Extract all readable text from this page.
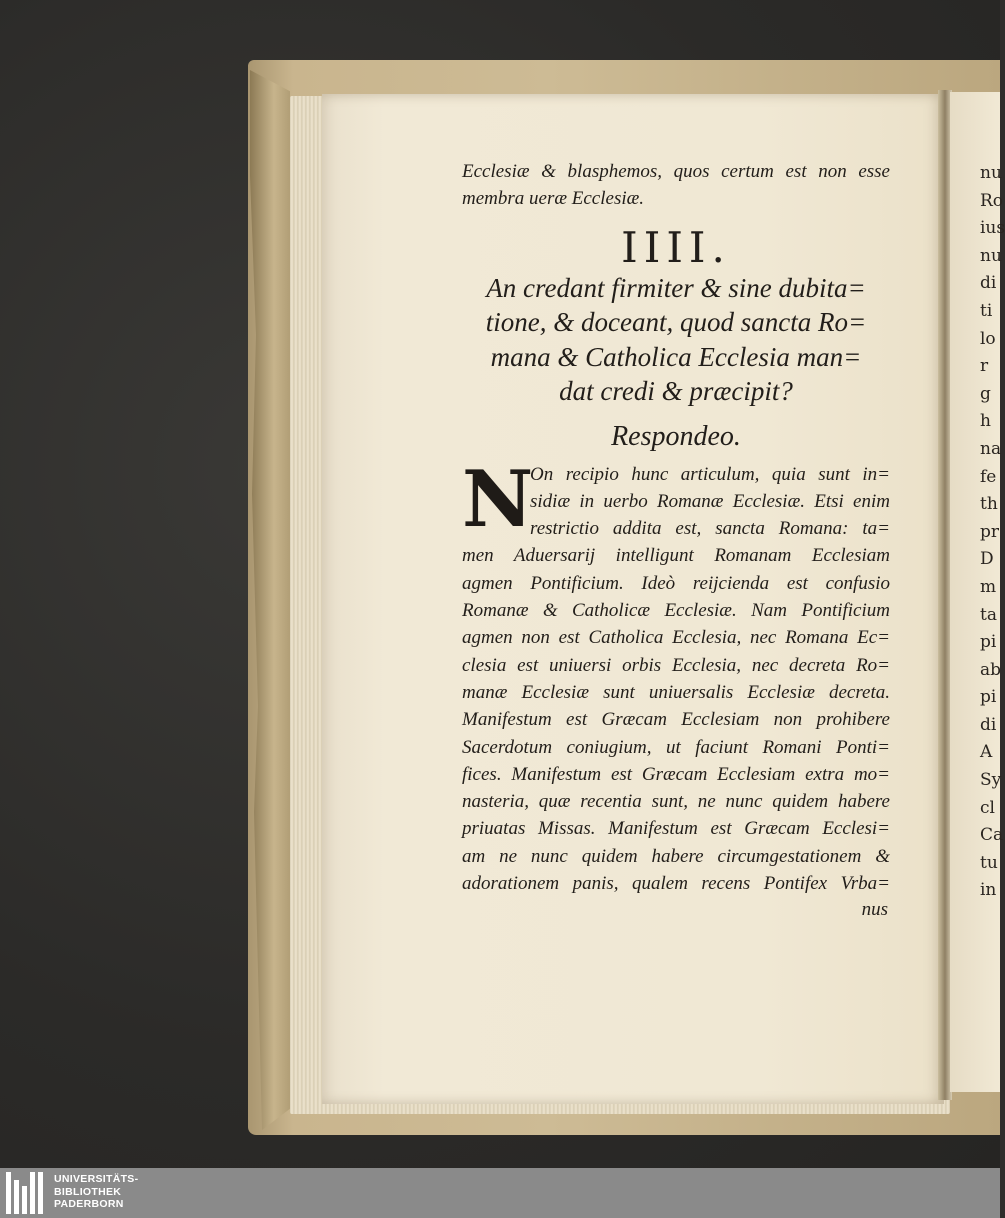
nu
Ro
ius
nu
di
ti
lo
r
g
h
na
fe
th
pr
D
m
ta
pi
ab
pi
di
A
Sy
cl
Ca
tu
in
Ecclesiæ & blasphemos, quos certum est non esse
membra ueræ Ecclesiæ.
IIII.
An credant firmiter & sine dubita=
tione, & doceant, quod sancta Ro=
mana & Catholica Ecclesia man=
dat credi & præcipit?
Respondeo.
N
On recipio hunc articulum, quia sunt in=
sidiæ in uerbo Romanæ Ecclesiæ. Etsi enim
restrictio addita est, sancta Romana: ta=
men Aduersarij intelligunt Romanam Ecclesiam
agmen Pontificium. Ideò reijcienda est confusio
Romanæ & Catholicæ Ecclesiæ. Nam Pontificium
agmen non est Catholica Ecclesia, nec Romana Ec=
clesia est uniuersi orbis Ecclesia, nec decreta Ro=
manæ Ecclesiæ sunt uniuersalis Ecclesiæ decreta.
Manifestum est Græcam Ecclesiam non prohibere
Sacerdotum coniugium, ut faciunt Romani Ponti=
fices. Manifestum est Græcam Ecclesiam extra mo=
nasteria, quæ recentia sunt, ne nunc quidem habere
priuatas Missas. Manifestum est Græcam Ecclesi=
am ne nunc quidem habere circumgestationem &
adorationem panis, qualem recens Pontifex Vrba=
nus
UNIVERSITÄTS-
BIBLIOTHEK
PADERBORN
